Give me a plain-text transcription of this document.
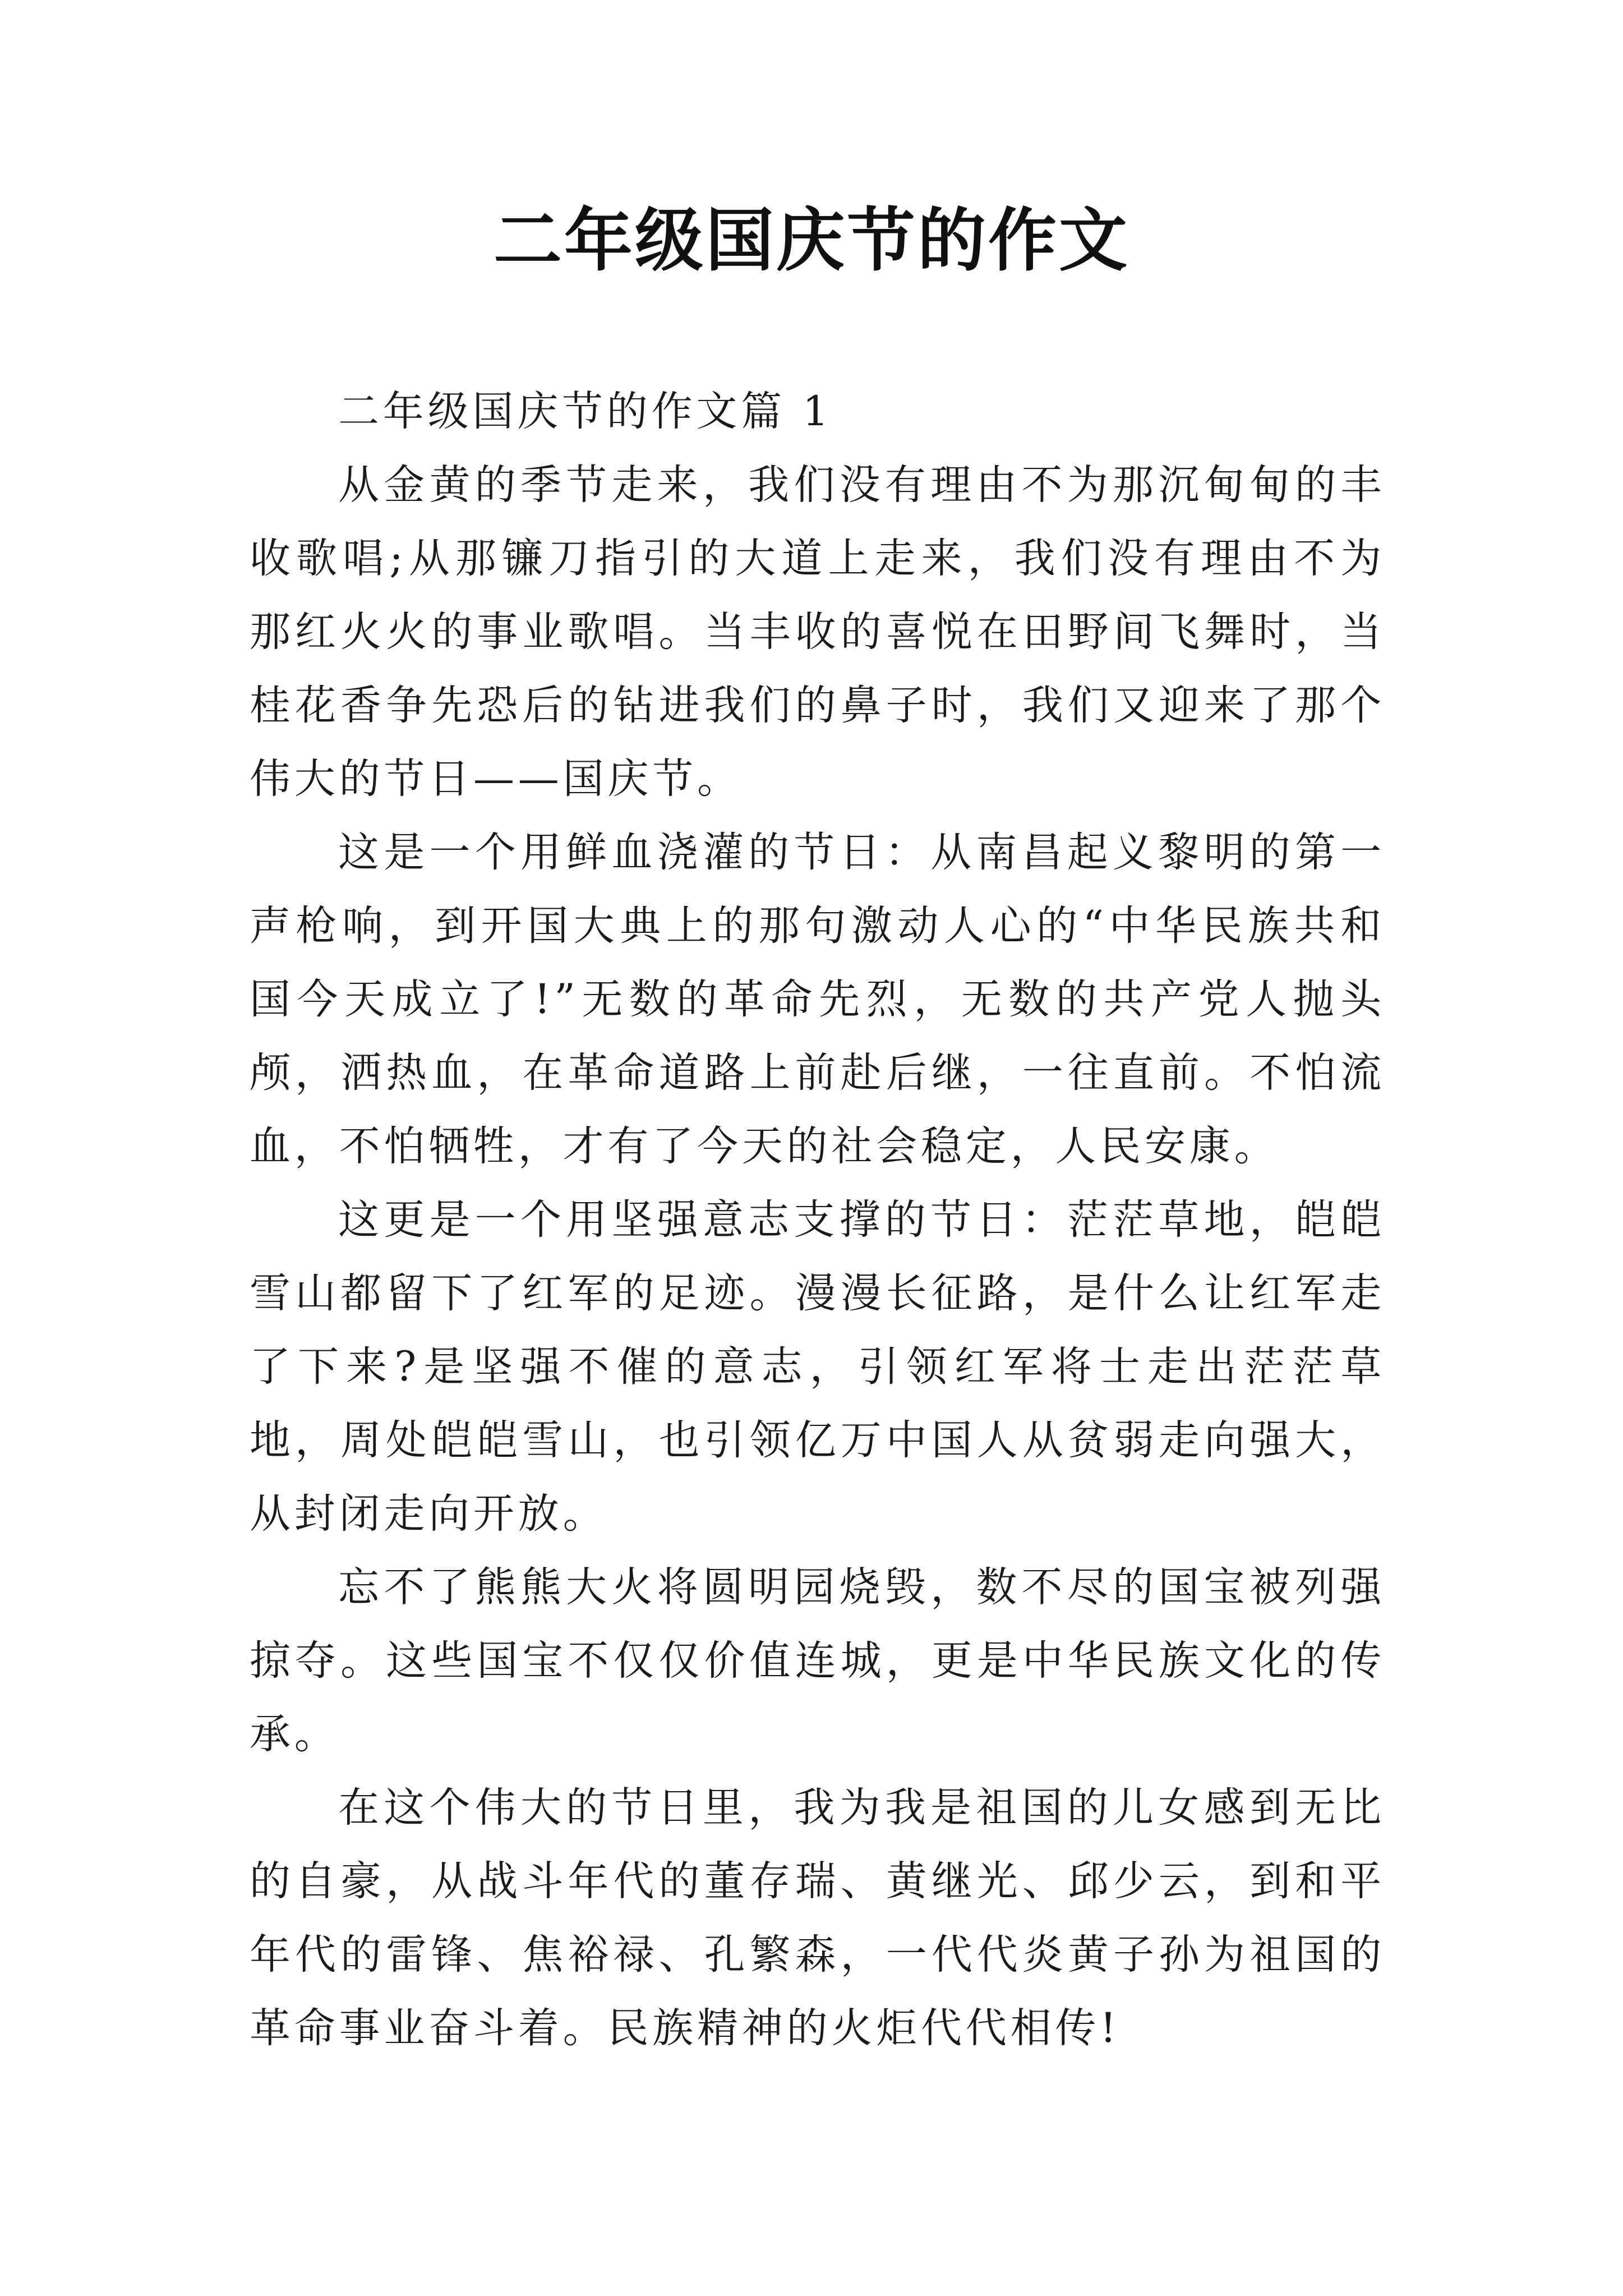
二年级国庆节的作文

二年级国庆节的作文篇 1

从金黄的季节走来，我们没有理由不为那沉甸甸的丰收歌唱;从那镰刀指引的大道上走来，我们没有理由不为那红火火的事业歌唱。当丰收的喜悦在田野间飞舞时，当桂花香争先恐后的钻进我们的鼻子时，我们又迎来了那个伟大的节日——国庆节。

这是一个用鲜血浇灌的节日：从南昌起义黎明的第一声枪响，到开国大典上的那句激动人心的“中华民族共和国今天成立了!”无数的革命先烈，无数的共产党人抛头颅，洒热血，在革命道路上前赴后继，一往直前。不怕流血，不怕牺牲，才有了今天的社会稳定，人民安康。

这更是一个用坚强意志支撑的节日：茫茫草地，皑皑雪山都留下了红军的足迹。漫漫长征路，是什么让红军走了下来?是坚强不催的意志，引领红军将士走出茫茫草地，周处皑皑雪山，也引领亿万中国人从贫弱走向强大，从封闭走向开放。

忘不了熊熊大火将圆明园烧毁，数不尽的国宝被列强掠夺。这些国宝不仅仅价值连城，更是中华民族文化的传承。

在这个伟大的节日里，我为我是祖国的儿女感到无比的自豪，从战斗年代的董存瑞、黄继光、邱少云，到和平年代的雷锋、焦裕禄、孔繁森，一代代炎黄子孙为祖国的革命事业奋斗着。民族精神的火炬代代相传!
